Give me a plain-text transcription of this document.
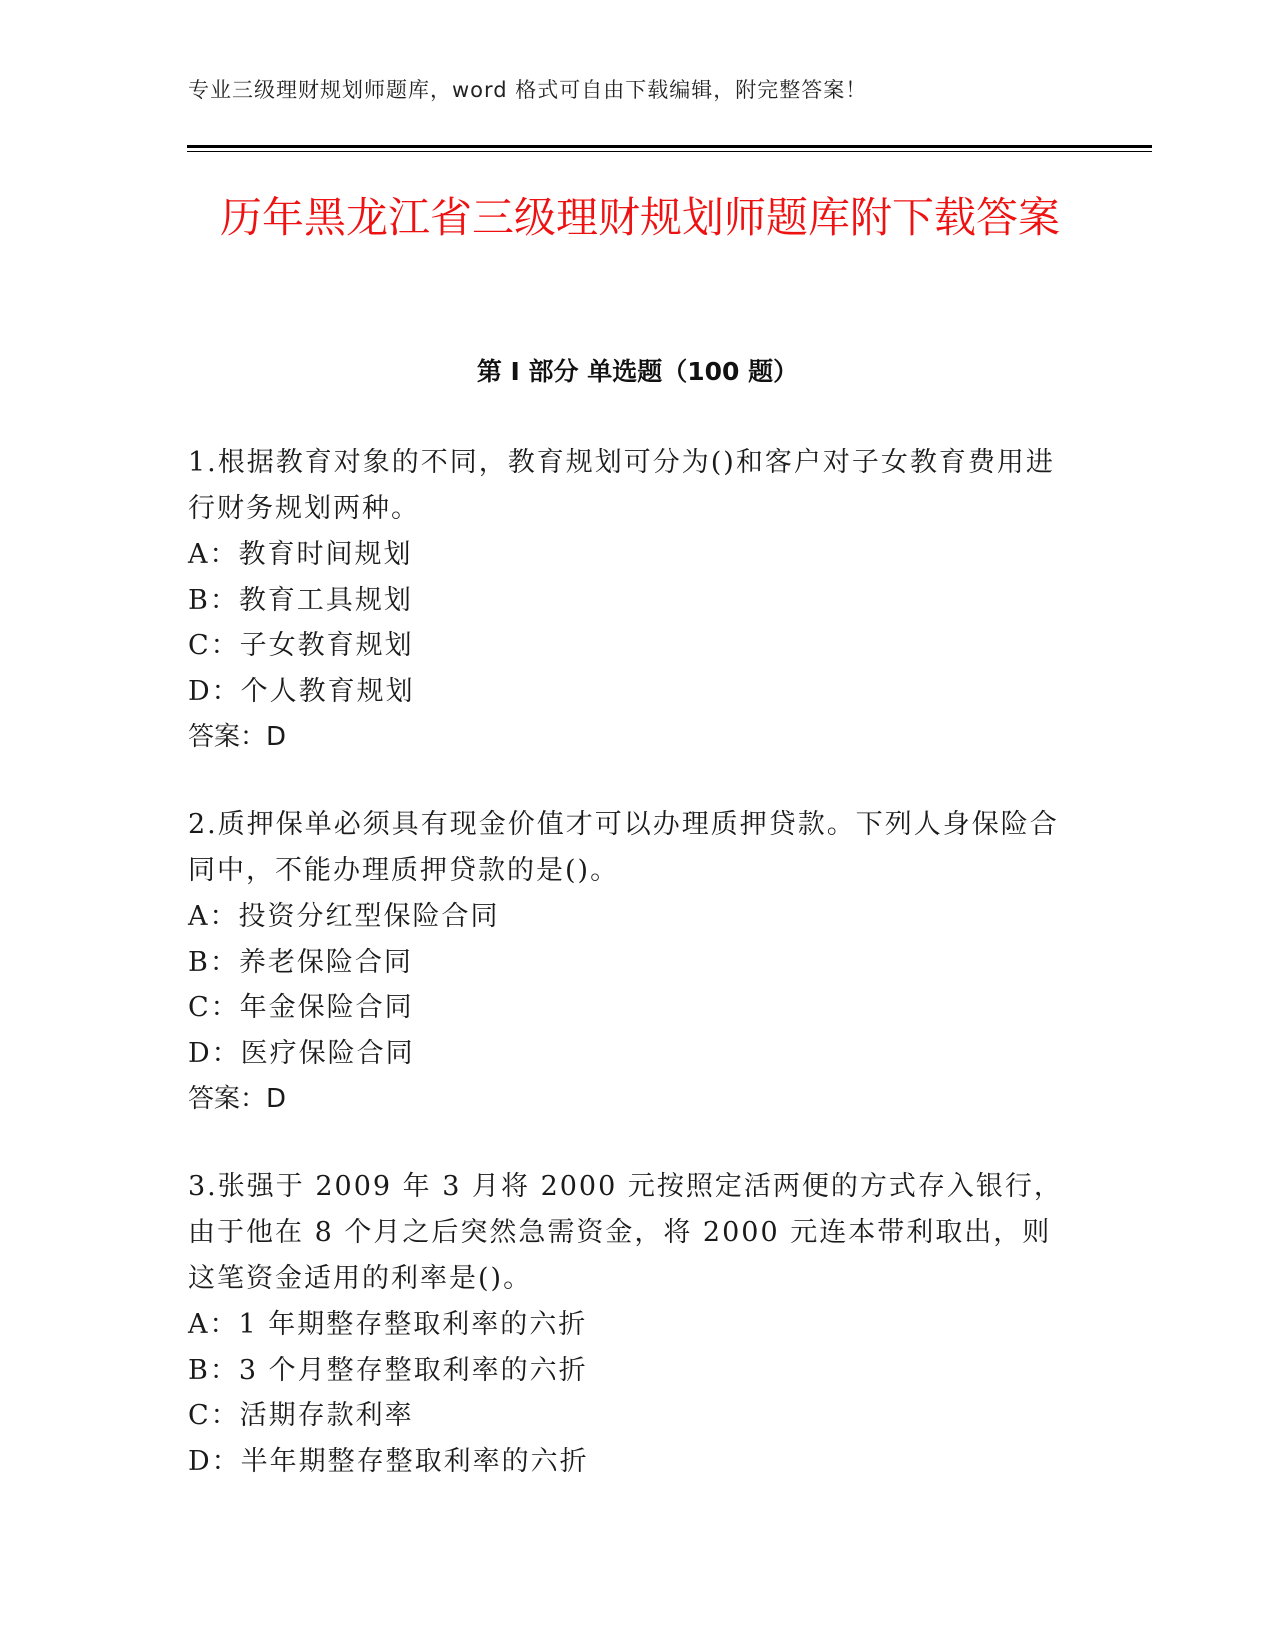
专业三级理财规划师题库，word 格式可自由下载编辑，附完整答案！
历年黑龙江省三级理财规划师题库附下载答案
第 I 部分 单选题（100 题）

1.根据教育对象的不同，教育规划可分为()和客户对子女教育费用进行财务规划两种。

A：教育时间规划

B：教育工具规划

C：子女教育规划

D：个人教育规划

答案：D

2.质押保单必须具有现金价值才可以办理质押贷款。下列人身保险合同中，不能办理质押贷款的是()。

A：投资分红型保险合同

B：养老保险合同

C：年金保险合同

D：医疗保险合同

答案：D

3.张强于 2009 年 3 月将 2000 元按照定活两便的方式存入银行，由于他在 8 个月之后突然急需资金，将 2000 元连本带利取出，则这笔资金适用的利率是()。

A：1 年期整存整取利率的六折

B：3 个月整存整取利率的六折

C：活期存款利率

D：半年期整存整取利率的六折
